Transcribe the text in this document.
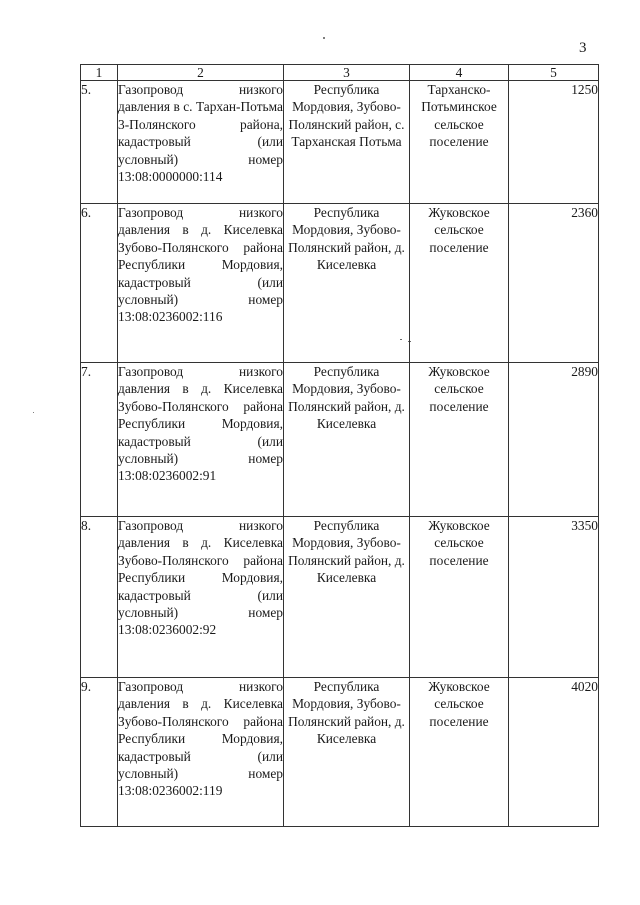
3
1	2	3	4	5
5.	Газопровод низкого давления в с. Тархан-Потьма 3-Полянского района, кадастровый (или условный) номер 13:08:0000000:114	Республика Мордовия, Зубово-Полянский район, с. Тарханская Потьма	Тарханско-Потьминское сельское поселение	1250
6.	Газопровод низкого давления в д. Киселевка Зубово-Полянского района Республики Мордовия, кадастровый (или условный) номер 13:08:0236002:116	Республика Мордовия, Зубово-Полянский район, д. Киселевка	Жуковское сельское поселение	2360
7.	Газопровод низкого давления в д. Киселевка Зубово-Полянского района Республики Мордовия, кадастровый (или условный) номер 13:08:0236002:91	Республика Мордовия, Зубово-Полянский район, д. Киселевка	Жуковское сельское поселение	2890
8.	Газопровод низкого давления в д. Киселевка Зубово-Полянского района Республики Мордовия, кадастровый (или условный) номер 13:08:0236002:92	Республика Мордовия, Зубово-Полянский район, д. Киселевка	Жуковское сельское поселение	3350
9.	Газопровод низкого давления в д. Киселевка Зубово-Полянского района Республики Мордовия, кадастровый (или условный) номер 13:08:0236002:119	Республика Мордовия, Зубово-Полянский район, д. Киселевка	Жуковское сельское поселение	4020
